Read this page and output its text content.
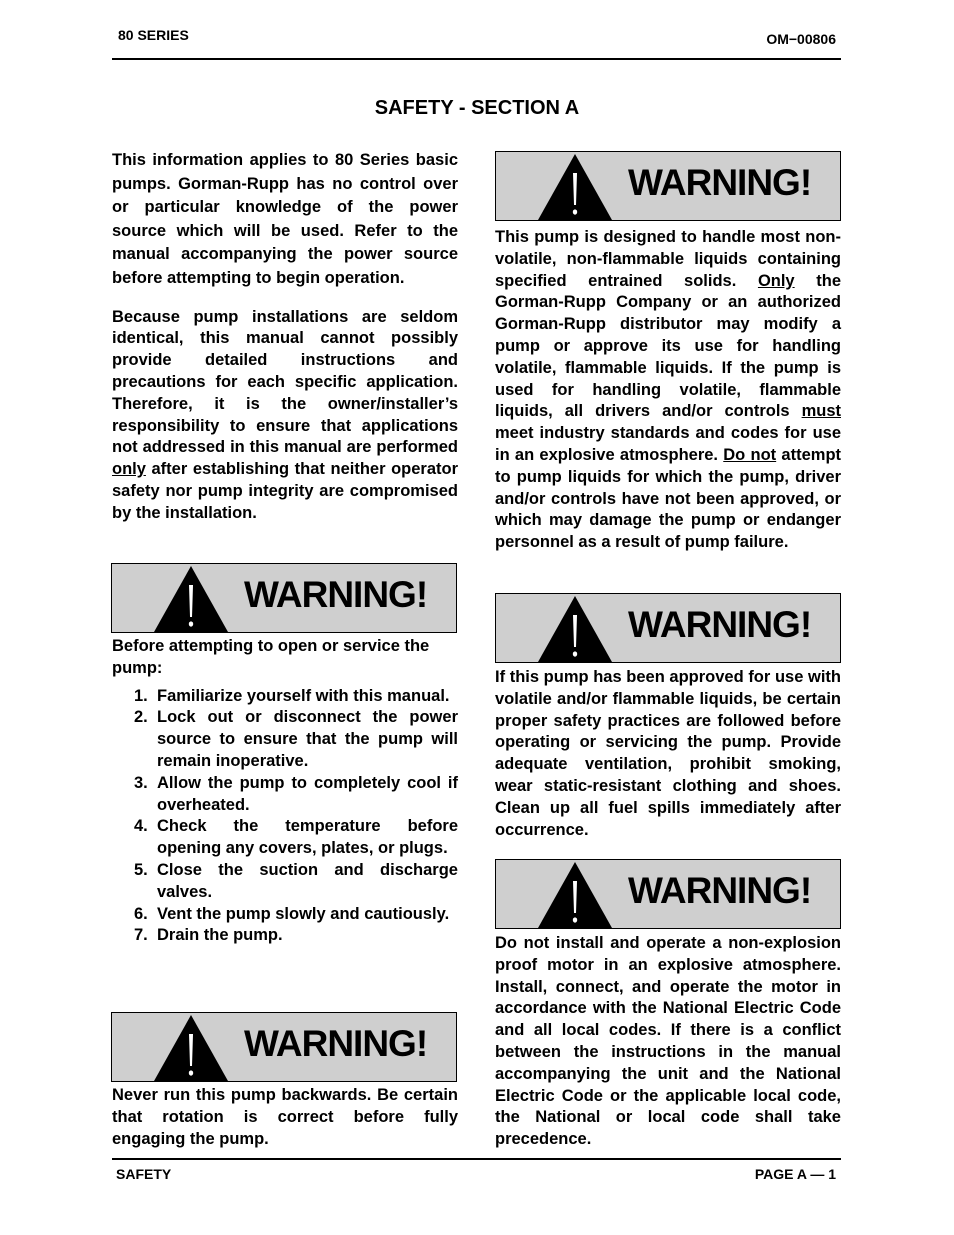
80 SERIES	OM−00806
SAFETY - SECTION A

This information applies to 80 Series basic pumps. Gorman-Rupp has no control over or particular knowledge of the power source which will be used. Refer to the manual accompanying the power source before attempting to begin operation.

Because pump installations are seldom identical, this manual cannot possibly provide detailed instructions and precautions for each specific application. Therefore, it is the owner/installer’s responsibility to ensure that applications not addressed in this manual are performed only after establishing that neither operator safety nor pump integrity are compromised by the installation.

WARNING!

Before attempting to open or service the pump:

1. Familiarize yourself with this manual.
2. Lock out or disconnect the power source to ensure that the pump will remain inoperative.
3. Allow the pump to completely cool if overheated.
4. Check the temperature before opening any covers, plates, or plugs.
5. Close the suction and discharge valves.
6. Vent the pump slowly and cautiously.
7. Drain the pump.
WARNING!

Never run this pump backwards. Be certain that rotation is correct before fully engaging the pump.

WARNING!

This pump is designed to handle most non-volatile, non-flammable liquids containing specified entrained solids. Only the Gorman-Rupp Company or an authorized Gorman-Rupp distributor may modify a pump or approve its use for handling volatile, flammable liquids. If the pump is used for handling volatile, flammable liquids, all drivers and/or controls must meet industry standards and codes for use in an explosive atmosphere. Do not attempt to pump liquids for which the pump, driver and/or controls have not been approved, or which may damage the pump or endanger personnel as a result of pump failure.

WARNING!

If this pump has been approved for use with volatile and/or flammable liquids, be certain proper safety practices are followed before operating or servicing the pump. Provide adequate ventilation, prohibit smoking, wear static-resistant clothing and shoes. Clean up all fuel spills immediately after occurrence.

WARNING!

Do not install and operate a non-explosion proof motor in an explosive atmosphere. Install, connect, and operate the motor in accordance with the National Electric Code and all local codes. If there is a conflict between the instructions in the manual accompanying the unit and the National Electric Code or the applicable local code, the National or local code shall take precedence.

SAFETY	PAGE A — 1
